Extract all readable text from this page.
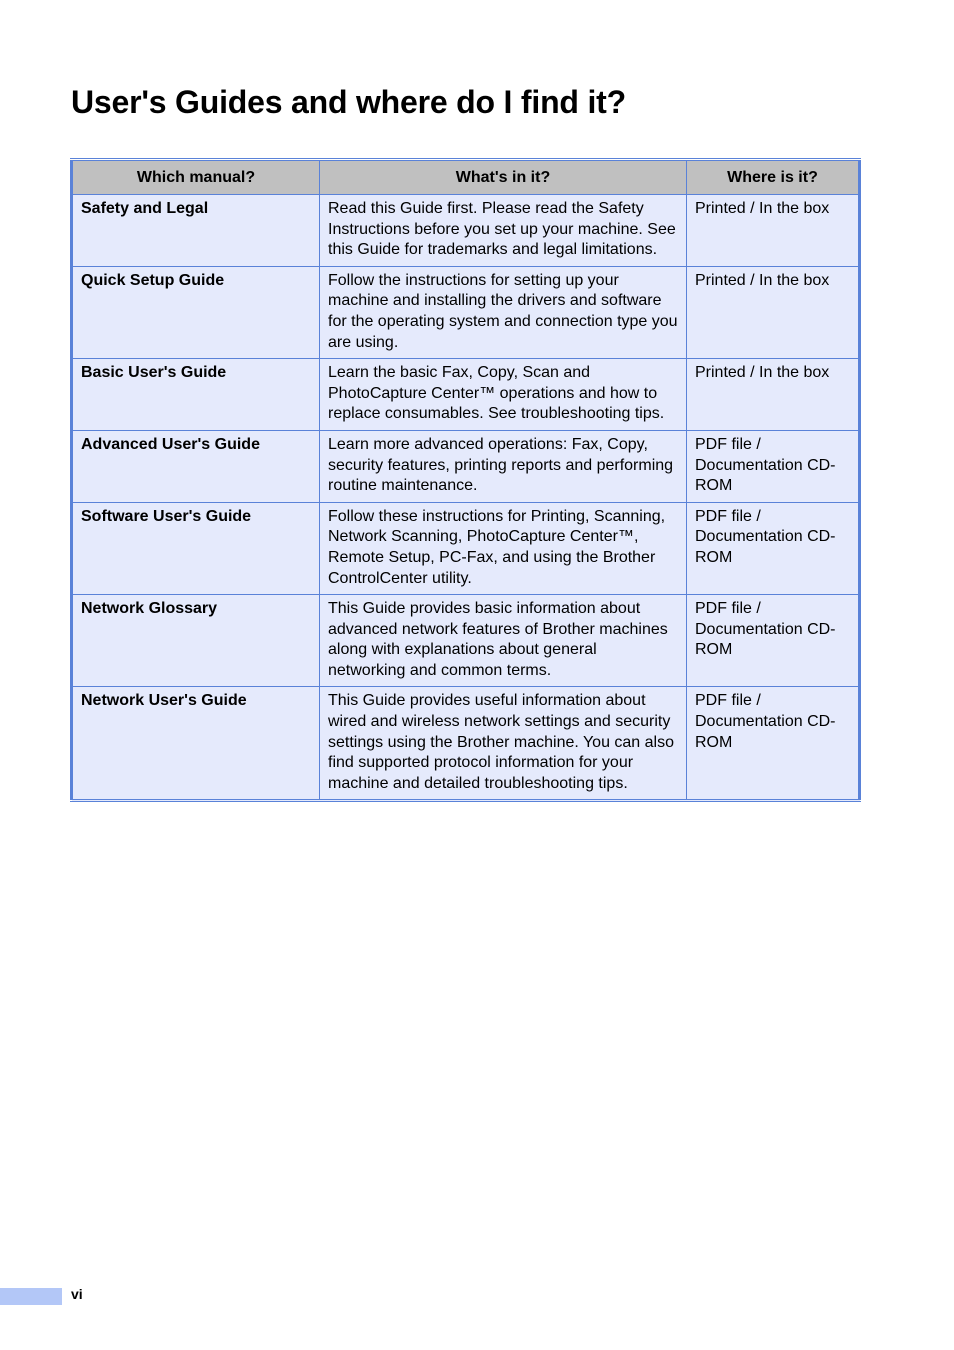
User's Guides and where do I find it?
Which manual?	What's in it?	Where is it?
Safety and Legal	Read this Guide first. Please read the Safety Instructions before you set up your machine. See this Guide for trademarks and legal limitations.	Printed / In the box
Quick Setup Guide	Follow the instructions for setting up your machine and installing the drivers and software for the operating system and connection type you are using.	Printed / In the box
Basic User's Guide	Learn the basic Fax, Copy, Scan and PhotoCapture Center™ operations and how to replace consumables. See troubleshooting tips.	Printed / In the box
Advanced User's Guide	Learn more advanced operations: Fax, Copy, security features, printing reports and performing routine maintenance.	PDF file / Documentation CD-ROM
Software User's Guide	Follow these instructions for Printing, Scanning, Network Scanning, PhotoCapture Center™, Remote Setup, PC-Fax, and using the Brother ControlCenter utility.	PDF file / Documentation CD-ROM
Network Glossary	This Guide provides basic information about advanced network features of Brother machines along with explanations about general networking and common terms.	PDF file / Documentation CD-ROM
Network User's Guide	This Guide provides useful information about wired and wireless network settings and security settings using the Brother machine. You can also find supported protocol information for your machine and detailed troubleshooting tips.	PDF file / Documentation CD-ROM
vi
